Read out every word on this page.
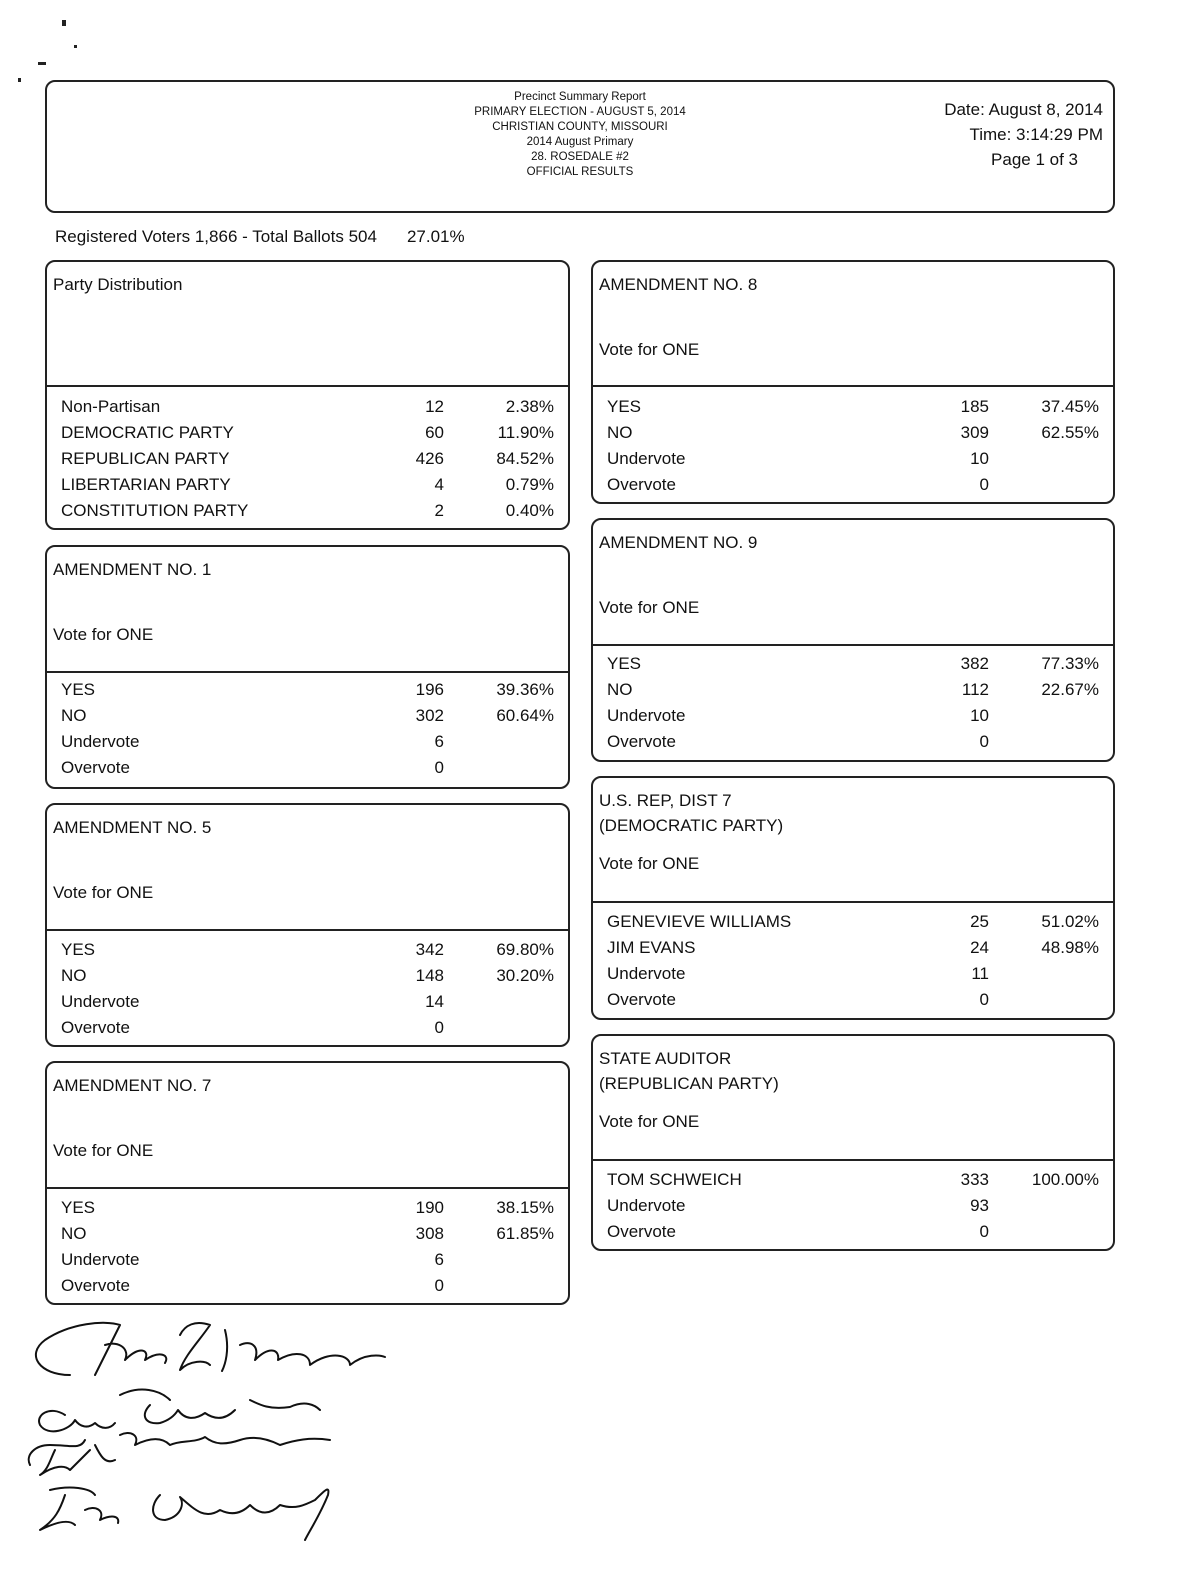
Precinct Summary Report
PRIMARY ELECTION - AUGUST 5, 2014
CHRISTIAN COUNTY, MISSOURI
2014 August Primary
28. ROSEDALE #2
OFFICIAL RESULTS
Date: August 8, 2014
Time: 3:14:29 PM
Page 1 of 3
Registered Voters 1,866 - Total Ballots 504 27.01%
Party Distribution
Non-Partisan	12	2.38%
DEMOCRATIC PARTY	60	11.90%
REPUBLICAN PARTY	426	84.52%
LIBERTARIAN PARTY	4	0.79%
CONSTITUTION PARTY	2	0.40%
AMENDMENT NO. 1
Vote for ONE
YES	196	39.36%
NO	302	60.64%
Undervote	6
Overvote	0
AMENDMENT NO. 5
Vote for ONE
YES	342	69.80%
NO	148	30.20%
Undervote	14
Overvote	0
AMENDMENT NO. 7
Vote for ONE
YES	190	38.15%
NO	308	61.85%
Undervote	6
Overvote	0
AMENDMENT NO. 8
Vote for ONE
YES	185	37.45%
NO	309	62.55%
Undervote	10
Overvote	0
AMENDMENT NO. 9
Vote for ONE
YES	382	77.33%
NO	112	22.67%
Undervote	10
Overvote	0
U.S. REP, DIST 7
(DEMOCRATIC PARTY)
Vote for ONE
GENEVIEVE WILLIAMS	25	51.02%
JIM EVANS	24	48.98%
Undervote	11
Overvote	0
STATE AUDITOR
(REPUBLICAN PARTY)
Vote for ONE
TOM SCHWEICH	333	100.00%
Undervote	93
Overvote	0
